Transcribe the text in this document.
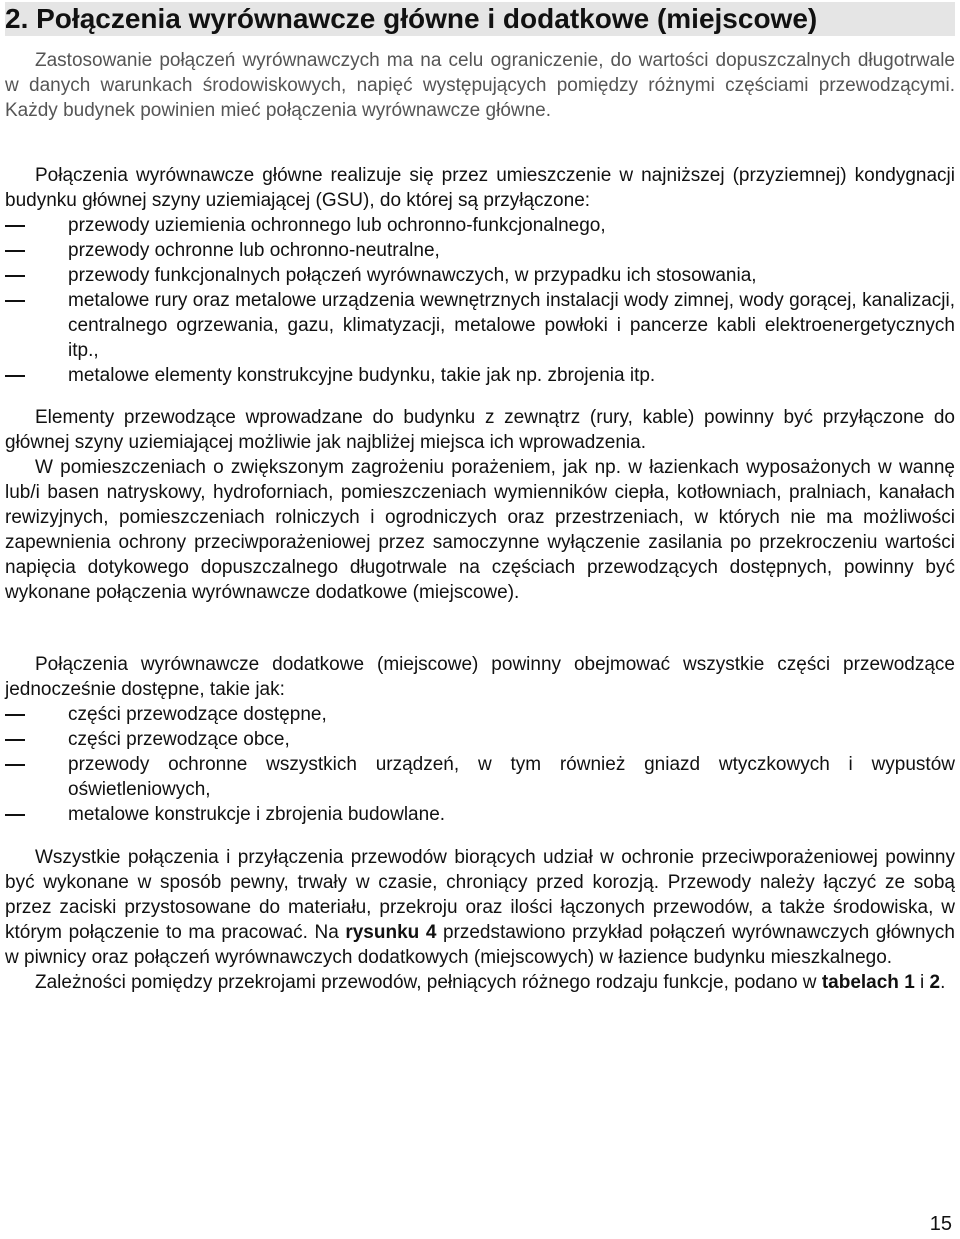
2. Połączenia wyrównawcze główne i dodatkowe (miejscowe)

Zastosowanie połączeń wyrównawczych ma na celu ograniczenie, do wartości dopuszczalnych długotrwale w danych warunkach środowiskowych, napięć występujących pomiędzy różnymi częściami przewodzącymi. Każdy budynek powinien mieć połączenia wyrównawcze główne.

Połączenia wyrównawcze główne realizuje się przez umieszczenie w najniższej (przyziemnej) kondygnacji budynku głównej szyny uziemiającej (GSU), do której są przyłączone:

przewody uziemienia ochronnego lub ochronno-funkcjonalnego,
przewody ochronne lub ochronno-neutralne,
przewody funkcjonalnych połączeń wyrównawczych, w przypadku ich stosowania,
metalowe rury oraz metalowe urządzenia wewnętrznych instalacji wody zimnej, wody gorącej, kanalizacji, centralnego ogrzewania, gazu, klimatyzacji, metalowe powłoki i pancerze kabli elektroenergetycznych itp.,
metalowe elementy konstrukcyjne budynku, takie jak np. zbrojenia itp.

Elementy przewodzące wprowadzane do budynku z zewnątrz (rury, kable) powinny być przyłączone do głównej szyny uziemiającej możliwie jak najbliżej miejsca ich wprowadzenia.

W pomieszczeniach o zwiększonym zagrożeniu porażeniem, jak np. w łazienkach wyposażonych w wannę lub/i basen natryskowy, hydroforniach, pomieszczeniach wymienników ciepła, kotłowniach, pralniach, kanałach rewizyjnych, pomieszczeniach rolniczych i ogrodniczych oraz przestrzeniach, w których nie ma możliwości zapewnienia ochrony przeciwporażeniowej przez samoczynne wyłączenie zasilania po przekroczeniu wartości napięcia dotykowego dopuszczalnego długotrwale na częściach przewodzących dostępnych, powinny być wykonane połączenia wyrównawcze dodatkowe (miejscowe).

Połączenia wyrównawcze dodatkowe (miejscowe) powinny obejmować wszystkie części przewodzące jednocześnie dostępne, takie jak:

części przewodzące dostępne,
części przewodzące obce,
przewody ochronne wszystkich urządzeń, w tym również gniazd wtyczkowych i wypustów oświetleniowych,
metalowe konstrukcje i zbrojenia budowlane.

Wszystkie połączenia i przyłączenia przewodów biorących udział w ochronie przeciwporażeniowej powinny być wykonane w sposób pewny, trwały w czasie, chroniący przed korozją. Przewody należy łączyć ze sobą przez zaciski przystosowane do materiału, przekroju oraz ilości łączonych przewodów, a także środowiska, w którym połączenie to ma pracować. Na rysunku 4 przedstawiono przykład połączeń wyrównawczych głównych w piwnicy oraz połączeń wyrównawczych dodatkowych (miejscowych) w łazience budynku mieszkalnego.

Zależności pomiędzy przekrojami przewodów, pełniących różnego rodzaju funkcje, podano w tabelach 1 i 2.

15
